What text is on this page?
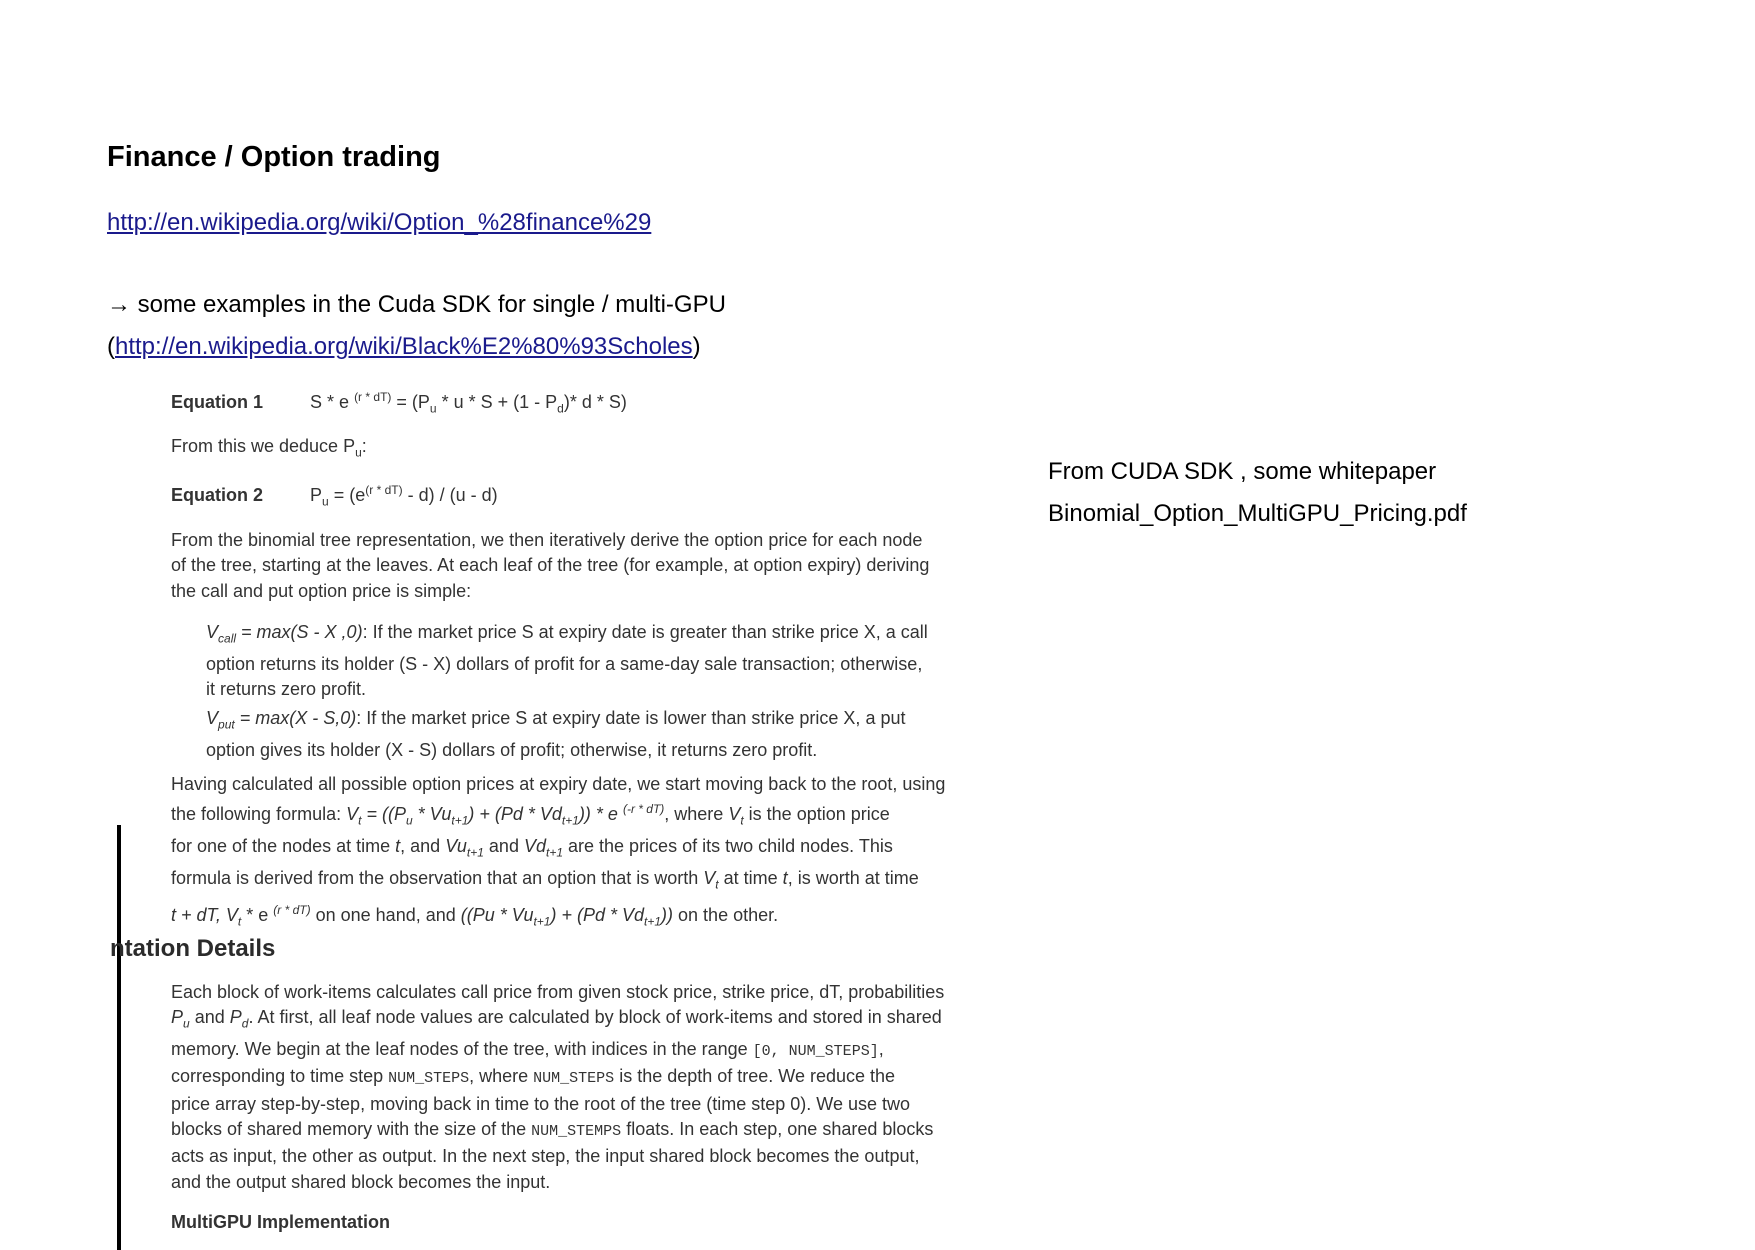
Finance / Option trading
http://en.wikipedia.org/wiki/Option_%28finance%29
→ some examples in the Cuda SDK for single / multi-GPU
(http://en.wikipedia.org/wiki/Black%E2%80%93Scholes)
From CUDA SDK , some whitepaper
Binomial_Option_MultiGPU_Pricing.pdf
Equation 1	S * e $^{(r * dT)} = (P_u * u * S + (1 - P_d)*$ d * S)
From this we deduce $P_u$:
Equation 2	$P_u = (e^{(r * dT)} - d) / (u - d)$
From the binomial tree representation, we then iteratively derive the option price for each node
of the tree, starting at the leaves. At each leaf of the tree (for example, at option expiry) deriving
the call and put option price is simple:
$V_{call} = \max(S - X$ ,0): If the market price S at expiry date is greater than strike price X, a call
option returns its holder (S - X) dollars of profit for a same-day sale transaction; otherwise,
it returns zero profit.
$V_{put} = \max(X - S,0)$: If the market price S at expiry date is lower than strike price X, a put
option gives its holder (X - S) dollars of profit; otherwise, it returns zero profit.
Having calculated all possible option prices at expiry date, we start moving back to the root, using
the following formula: $V_t = ((P_u * Vu_{t+1}) + (Pd * Vd_{t+1})) * e$ $^{(-r * dT)}$, where $V_t$ is the option price
for one of the nodes at time t, and $Vu_{t+1}$ and $Vd_{t+1}$ are the prices of its two child nodes. This
formula is derived from the observation that an option that is worth $V_t$ at time t, is worth at time
t + dT, $V_t$ * e $^{(r * dT)}$ on one hand, and $((Pu * Vu_{t+1}) + (Pd * Vd_{t+1}))$ on the other.
ntation Details
Each block of work-items calculates call price from given stock price, strike price, dT, probabilities
$P_u$ and $P_d$. At first, all leaf node values are calculated by block of work-items and stored in shared
memory. We begin at the leaf nodes of the tree, with indices in the range [0, NUM_STEPS],
corresponding to time step NUM_STEPS, where NUM_STEPS is the depth of tree. We reduce the
price array step-by-step, moving back in time to the root of the tree (time step 0). We use two
blocks of shared memory with the size of the NUM_STEMPS floats. In each step, one shared blocks
acts as input, the other as output. In the next step, the input shared block becomes the output,
and the output shared block becomes the input.
MultiGPU Implementation
